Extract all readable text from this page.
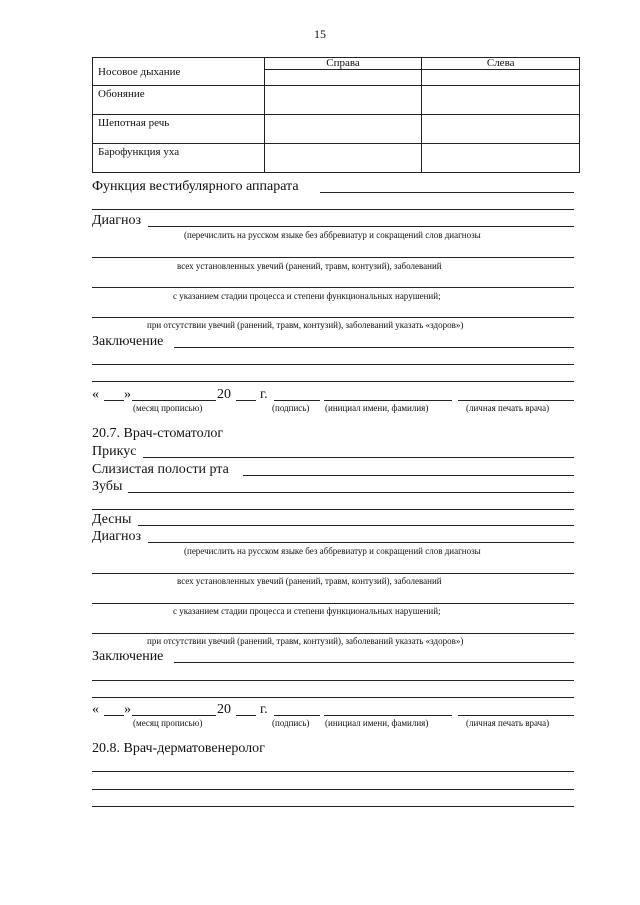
15
Носовое дыхание	Справа	Слева

Обоняние		
Шепотная речь		
Барофункция уха		
Функция вестибулярного аппарата
Диагноз
(перечислить на русском языке без аббревиатур и сокращений слов диагнозы
всех установленных увечий (ранений, травм, контузий), заболеваний
с указанием стадии процесса и степени функциональных нарушений;
при отсутствии увечий (ранений, травм, контузий), заболеваний указать «здоров»)
Заключение
« »	20 г.
(месяц прописью)	(подпись) (инициал имени, фамилия)	(личная печать врача)
20.7. Врач-стоматолог
Прикус
Слизистая полости рта
Зубы
Десны
Диагноз
(перечислить на русском языке без аббревиатур и сокращений слов диагнозы
всех установленных увечий (ранений, травм, контузий), заболеваний
с указанием стадии процесса и степени функциональных нарушений;
при отсутствии увечий (ранений, травм, контузий), заболеваний указать «здоров»)
Заключение
« »	20 г.
(месяц прописью)	(подпись) (инициал имени, фамилия)	(личная печать врача)
20.8. Врач-дерматовенеролог
